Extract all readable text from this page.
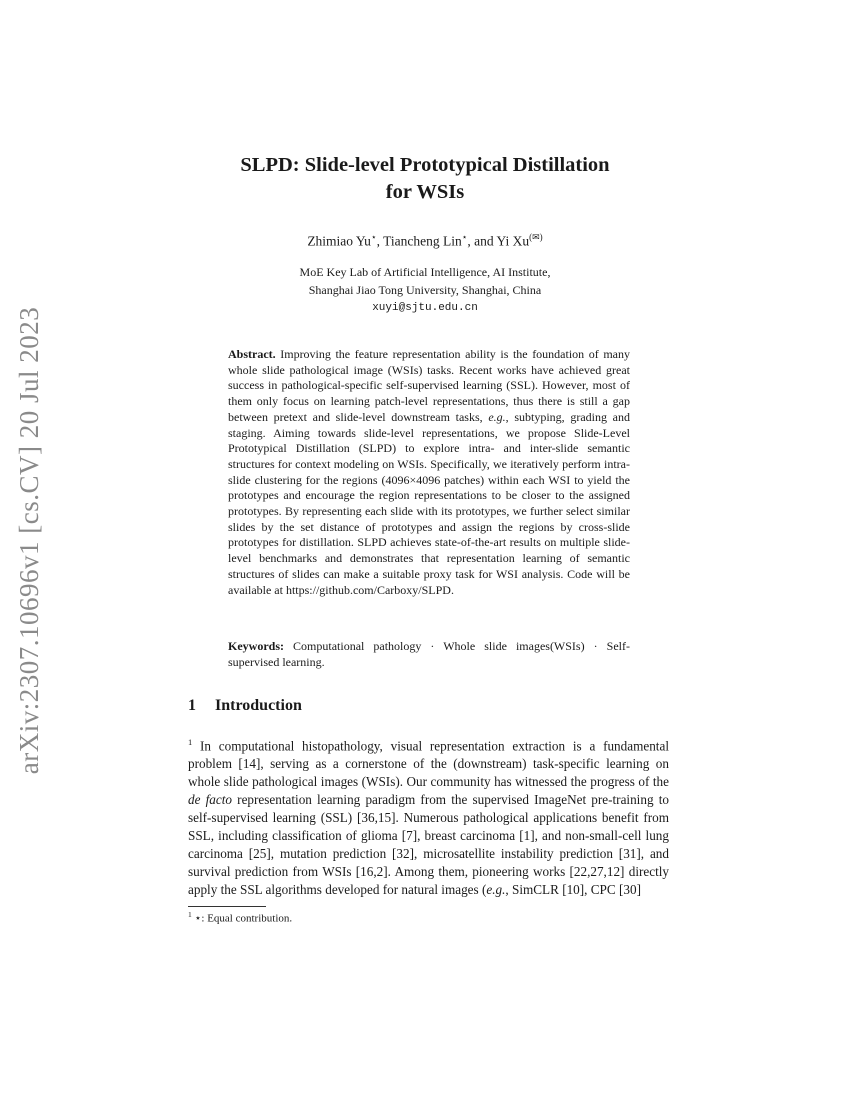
arXiv:2307.10696v1 [cs.CV] 20 Jul 2023
SLPD: Slide-level Prototypical Distillation
for WSIs
Zhimiao Yu⋆, Tiancheng Lin⋆, and Yi Xu(✉)
MoE Key Lab of Artificial Intelligence, AI Institute,
Shanghai Jiao Tong University, Shanghai, China
xuyi@sjtu.edu.cn
Abstract. Improving the feature representation ability is the foundation of many whole slide pathological image (WSIs) tasks. Recent works have achieved great success in pathological-specific self-supervised learning (SSL). However, most of them only focus on learning patch-level representations, thus there is still a gap between pretext and slide-level downstream tasks, e.g., subtyping, grading and staging. Aiming towards slide-level representations, we propose Slide-Level Prototypical Distillation (SLPD) to explore intra- and inter-slide semantic structures for context modeling on WSIs. Specifically, we iteratively perform intra-slide clustering for the regions (4096×4096 patches) within each WSI to yield the prototypes and encourage the region representations to be closer to the assigned prototypes. By representing each slide with its prototypes, we further select similar slides by the set distance of prototypes and assign the regions by cross-slide prototypes for distillation. SLPD achieves state-of-the-art results on multiple slide-level benchmarks and demonstrates that representation learning of semantic structures of slides can make a suitable proxy task for WSI analysis. Code will be available at https://github.com/Carboxy/SLPD.
Keywords: Computational pathology · Whole slide images(WSIs) · Self-supervised learning.
1 Introduction
$^1$ In computational histopathology, visual representation extraction is a fundamental problem [14], serving as a cornerstone of the (downstream) task-specific learning on whole slide pathological images (WSIs). Our community has witnessed the progress of the de facto representation learning paradigm from the supervised ImageNet pre-training to self-supervised learning (SSL) [36,15]. Numerous pathological applications benefit from SSL, including classification of glioma [7], breast carcinoma [1], and non-small-cell lung carcinoma [25], mutation prediction [32], microsatellite instability prediction [31], and survival prediction from WSIs [16,2]. Among them, pioneering works [22,27,12] directly apply the SSL algorithms developed for natural images (e.g., SimCLR [10], CPC [30]
$^1$ ⋆: Equal contribution.
